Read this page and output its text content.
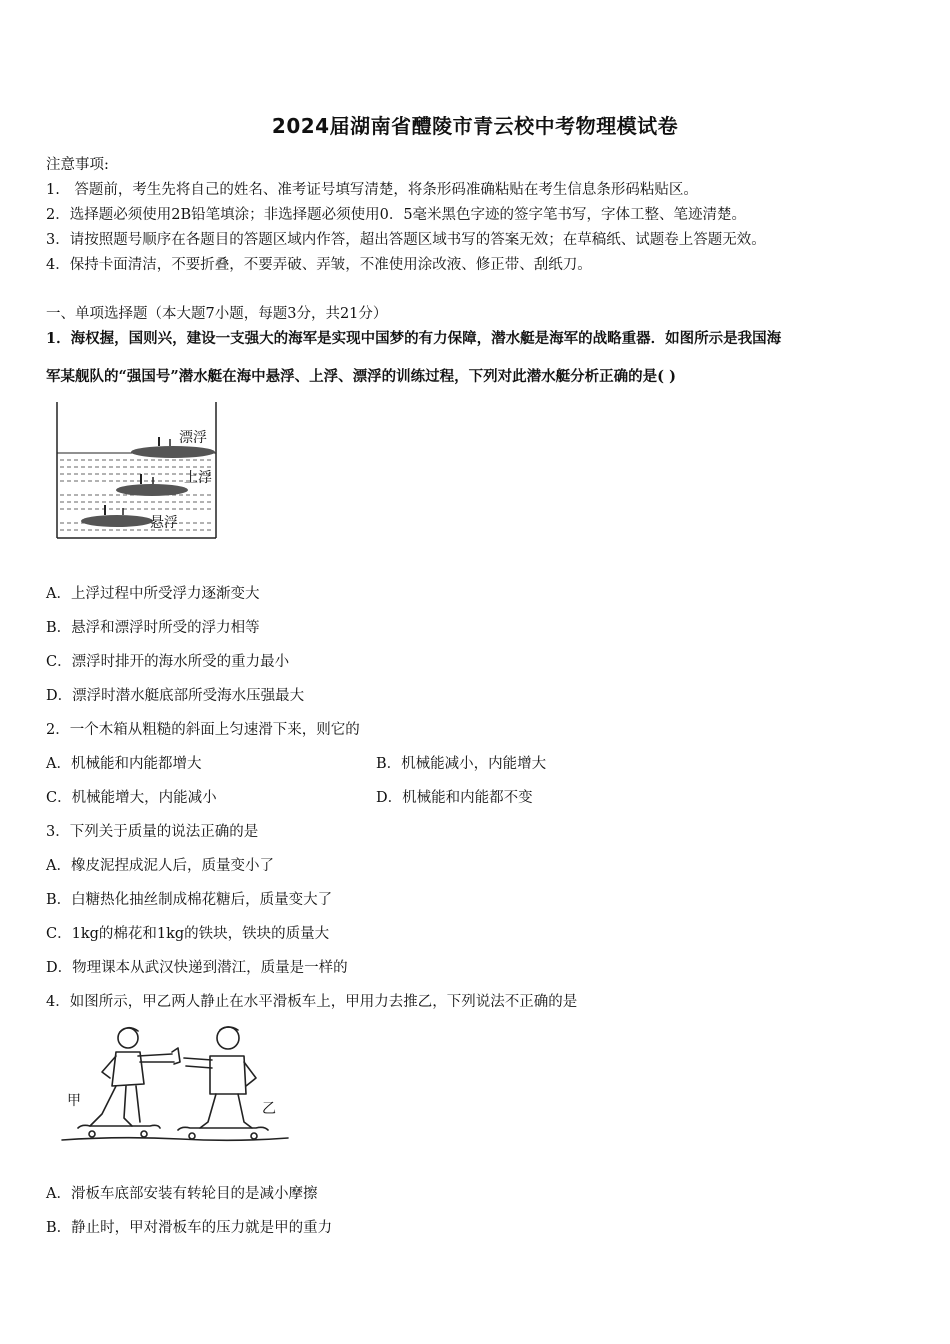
2024届湖南省醴陵市青云校中考物理模试卷
注意事项:
1.　答题前，考生先将自己的姓名、准考证号填写清楚，将条形码准确粘贴在考生信息条形码粘贴区。
2．选择题必须使用2B铅笔填涂；非选择题必须使用0．5毫米黑色字迹的签字笔书写，字体工整、笔迹清楚。
3．请按照题号顺序在各题目的答题区域内作答，超出答题区域书写的答案无效；在草稿纸、试题卷上答题无效。
4．保持卡面清洁，不要折叠，不要弄破、弄皱，不准使用涂改液、修正带、刮纸刀。
一、单项选择题（本大题7小题，每题3分，共21分）
1．海权握，国则兴，建设一支强大的海军是实现中国梦的有力保障，潜水艇是海军的战略重器．如图所示是我国海
军某舰队的“强国号”潜水艇在海中悬浮、上浮、漂浮的训练过程，下列对此潜水艇分析正确的是( )
漂浮
上浮
悬浮
A．上浮过程中所受浮力逐渐变大
B．悬浮和漂浮时所受的浮力相等
C．漂浮时排开的海水所受的重力最小
D．漂浮时潜水艇底部所受海水压强最大
2．一个木箱从粗糙的斜面上匀速滑下来，则它的
A．机械能和内能都增大	B．机械能减小，内能增大
C．机械能增大，内能减小	D．机械能和内能都不变
3．下列关于质量的说法正确的是
A．橡皮泥捏成泥人后，质量变小了
B．白糖热化抽丝制成棉花糖后，质量变大了
C．1kg的棉花和1kg的铁块，铁块的质量大
D．物理课本从武汉快递到潜江，质量是一样的
4．如图所示，甲乙两人静止在水平滑板车上，甲用力去推乙，下列说法不正确的是
甲	乙
A．滑板车底部安装有转轮目的是减小摩擦
B．静止时，甲对滑板车的压力就是甲的重力
